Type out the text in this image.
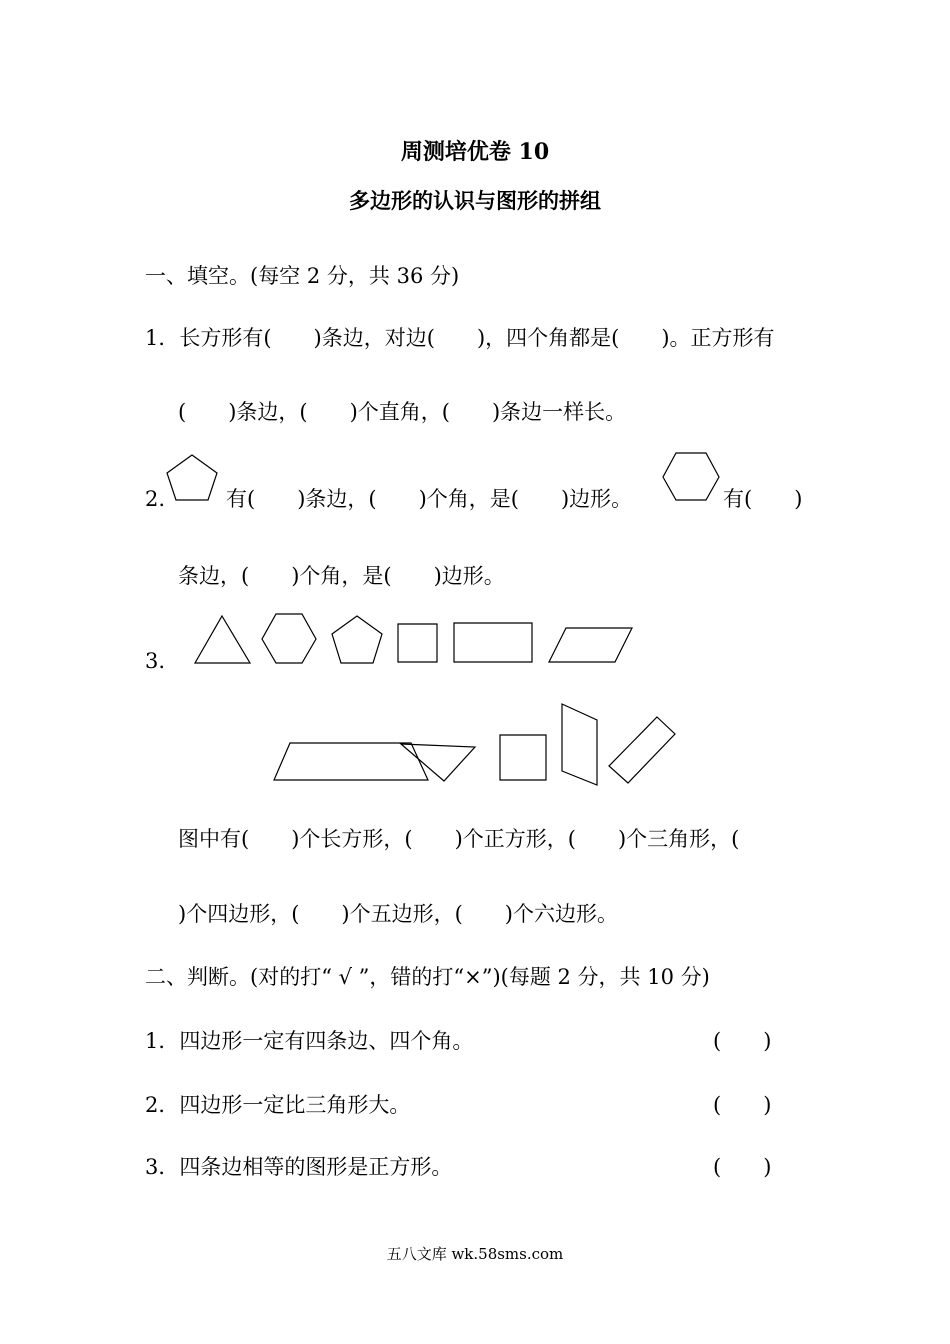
周测培优卷 10
多边形的认识与图形的拼组
一、填空。(每空 2 分，共 36 分)
1．长方形有(　　)条边，对边(　　)，四个角都是(　　)。正方形有
(　　)条边，(　　)个直角，(　　)条边一样长。
2.	有(　　)条边，(　　)个角，是(　　)边形。	有(　　)
条边，(　　)个角，是(　　)边形。
3.
图中有(　　)个长方形，(　　)个正方形，(　　)个三角形，(
)个四边形，(　　)个五边形，(　　)个六边形。
二、判断。(对的打“ √ ”，错的打“×”)(每题 2 分，共 10 分)
1．四边形一定有四条边、四个角。	(　　)
2．四边形一定比三角形大。	(　　)
3．四条边相等的图形是正方形。	(　　)
五八文库 wk.58sms.com
